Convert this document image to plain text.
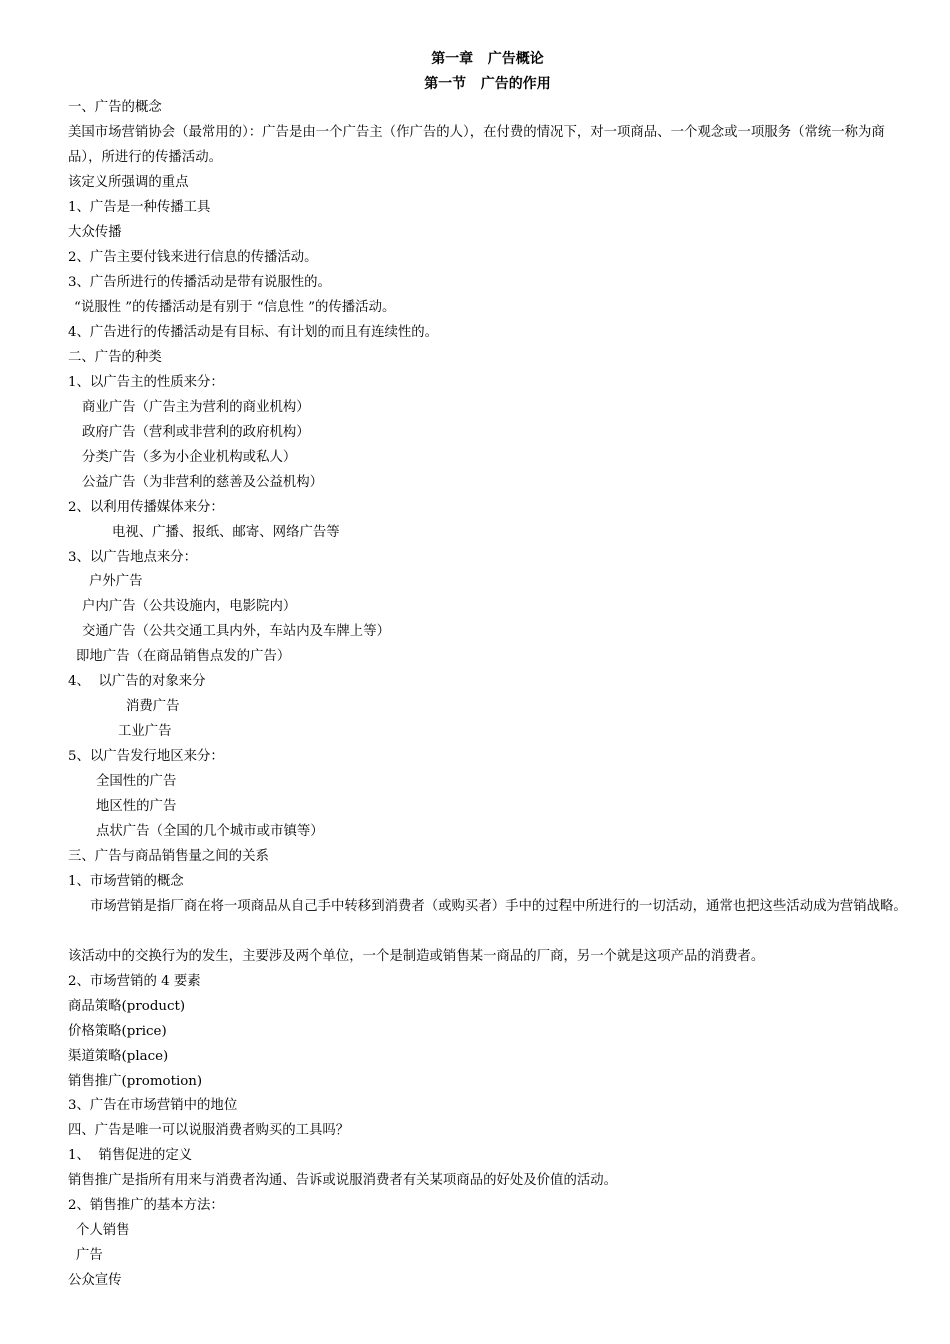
第一章   广告概论
第一节   广告的作用
一、广告的概念
美国市场营销协会（最常用的）：广告是由一个广告主（作广告的人），在付费的情况下，对一项商品、一个观念或一项服务（常统一称为商品），所进行的传播活动。
该定义所强调的重点
1、广告是一种传播工具
大众传播
2、广告主要付钱来进行信息的传播活动。
3、广告所进行的传播活动是带有说服性的。
“说服性 ”的传播活动是有别于 “信息性 ”的传播活动。
4、广告进行的传播活动是有目标、有计划的而且有连续性的。
二、广告的种类
1、以广告主的性质来分：
商业广告（广告主为营利的商业机构）
政府广告（营利或非营利的政府机构）
分类广告（多为小企业机构或私人）
公益广告（为非营利的慈善及公益机构）
2、以利用传播媒体来分：
电视、广播、报纸、邮寄、网络广告等
3、以广告地点来分：
户外广告
户内广告（公共设施内，电影院内）
交通广告（公共交通工具内外，车站内及车牌上等）
即地广告（在商品销售点发的广告）
4、  以广告的对象来分
消费广告
工业广告
5、以广告发行地区来分：
全国性的广告
地区性的广告
点状广告（全国的几个城市或市镇等）
三、广告与商品销售量之间的关系
1、市场营销的概念
市场营销是指厂商在将一项商品从自己手中转移到消费者（或购买者）手中的过程中所进行的一切活动，通常也把这些活动成为营销战略。
该活动中的交换行为的发生，主要涉及两个单位，一个是制造或销售某一商品的厂商，另一个就是这项产品的消费者。
2、市场营销的 4 要素
商品策略(product)
价格策略(price)
渠道策略(place)
销售推广(promotion)
3、广告在市场营销中的地位
四、广告是唯一可以说服消费者购买的工具吗？
1、  销售促进的定义
销售推广是指所有用来与消费者沟通、告诉或说服消费者有关某项商品的好处及价值的活动。
2、销售推广的基本方法：
个人销售
广告
公众宣传
